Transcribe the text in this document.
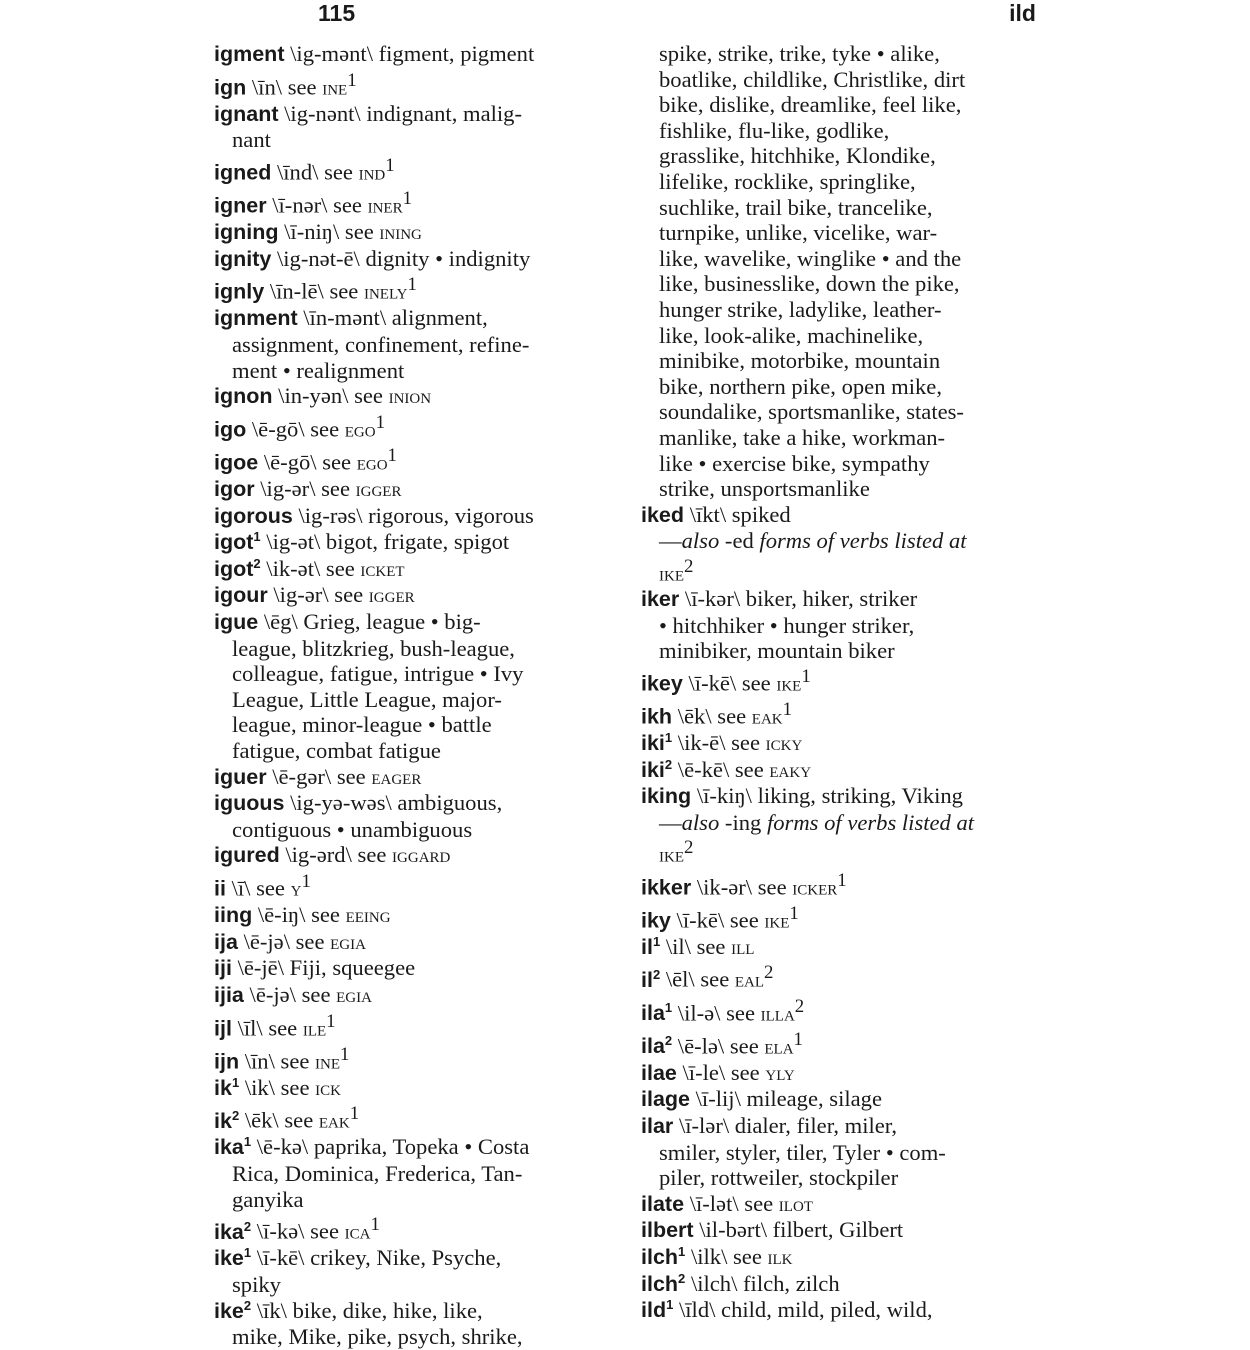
115	ild
igment \ig-mənt\ figment, pigment
ign \īn\ see ine$^1$
ignant \ig-nənt\ indignant, malig-
nant
igned \īnd\ see ind$^1$
igner \ī-nər\ see iner$^1$
igning \ī-niŋ\ see ining
ignity \ig-nət-ē\ dignity • indignity
ignly \īn-lē\ see inely$^1$
ignment \īn-mənt\ alignment,
assignment, confinement, refine-
ment • realignment
ignon \in-yən\ see inion
igo \ē-gō\ see ego$^1$
igoe \ē-gō\ see ego$^1$
igor \ig-ər\ see igger
igorous \ig-rəs\ rigorous, vigorous
igot$^1$ \ig-ət\ bigot, frigate, spigot
igot$^2$ \ik-ət\ see icket
igour \ig-ər\ see igger
igue \ēg\ Grieg, league • big-
league, blitzkrieg, bush-league,
colleague, fatigue, intrigue • Ivy
League, Little League, major-
league, minor-league • battle
fatigue, combat fatigue
iguer \ē-gər\ see eager
iguous \ig-yə-wəs\ ambiguous,
contiguous • unambiguous
igured \ig-ərd\ see iggard
ii \ī\ see $y^1$
iing \ē-iŋ\ see eeing
ija \ē-jə\ see egia
iji \ē-jē\ Fiji, squeegee
ijia \ē-jə\ see egia
ijl \īl\ see ile$^1$
ijn \īn\ see ine$^1$
$ik^1$ \ik\ see ick
$ik^2$ \ēk\ see eak$^1$
ika$^1$ \ē-kə\ paprika, Topeka • Costa
Rica, Dominica, Frederica, Tan-
ganyika
ika$^2$ \ī-kə\ see ica$^1$
ike$^1$ \ī-kē\ crikey, Nike, Psyche,
spiky
ike$^2$ \īk\ bike, dike, hike, like,
mike, Mike, pike, psych, shrike,
spike, strike, trike, tyke • alike,
boatlike, childlike, Christlike, dirt
bike, dislike, dreamlike, feel like,
fishlike, flu-like, godlike,
grasslike, hitchhike, Klondike,
lifelike, rocklike, springlike,
suchlike, trail bike, trancelike,
turnpike, unlike, vicelike, war-
like, wavelike, winglike • and the
like, businesslike, down the pike,
hunger strike, ladylike, leather-
like, look-alike, machinelike,
minibike, motorbike, mountain
bike, northern pike, open mike,
soundalike, sportsmanlike, states-
manlike, take a hike, workman-
like • exercise bike, sympathy
strike, unsportsmanlike
iked \īkt\ spiked
—also -ed forms of verbs listed at
ike$^2$
iker \ī-kər\ biker, hiker, striker
• hitchhiker • hunger striker,
minibiker, mountain biker
ikey \ī-kē\ see ike$^1$
ikh \ēk\ see eak$^1$
iki$^1$ \ik-ē\ see icky
iki$^2$ \ē-kē\ see eaky
iking \ī-kiŋ\ liking, striking, Viking
—also -ing forms of verbs listed at
ike$^2$
ikker \ik-ər\ see icker$^1$
iky \ī-kē\ see ike$^1$
$il^1$ \il\ see ill
$il^2$ \ēl\ see eal$^2$
ila$^1$ \il-ə\ see illa$^2$
ila$^2$ \ē-lə\ see ela$^1$
ilae \ī-le\ see yly
ilage \ī-lij\ mileage, silage
ilar \ī-lər\ dialer, filer, miler,
smiler, styler, tiler, Tyler • com-
piler, rottweiler, stockpiler
ilate \ī-lət\ see ilot
ilbert \il-bərt\ filbert, Gilbert
ilch$^1$ \ilk\ see ilk
ilch$^2$ \ilch\ filch, zilch
ild$^1$ \īld\ child, mild, piled, wild,
